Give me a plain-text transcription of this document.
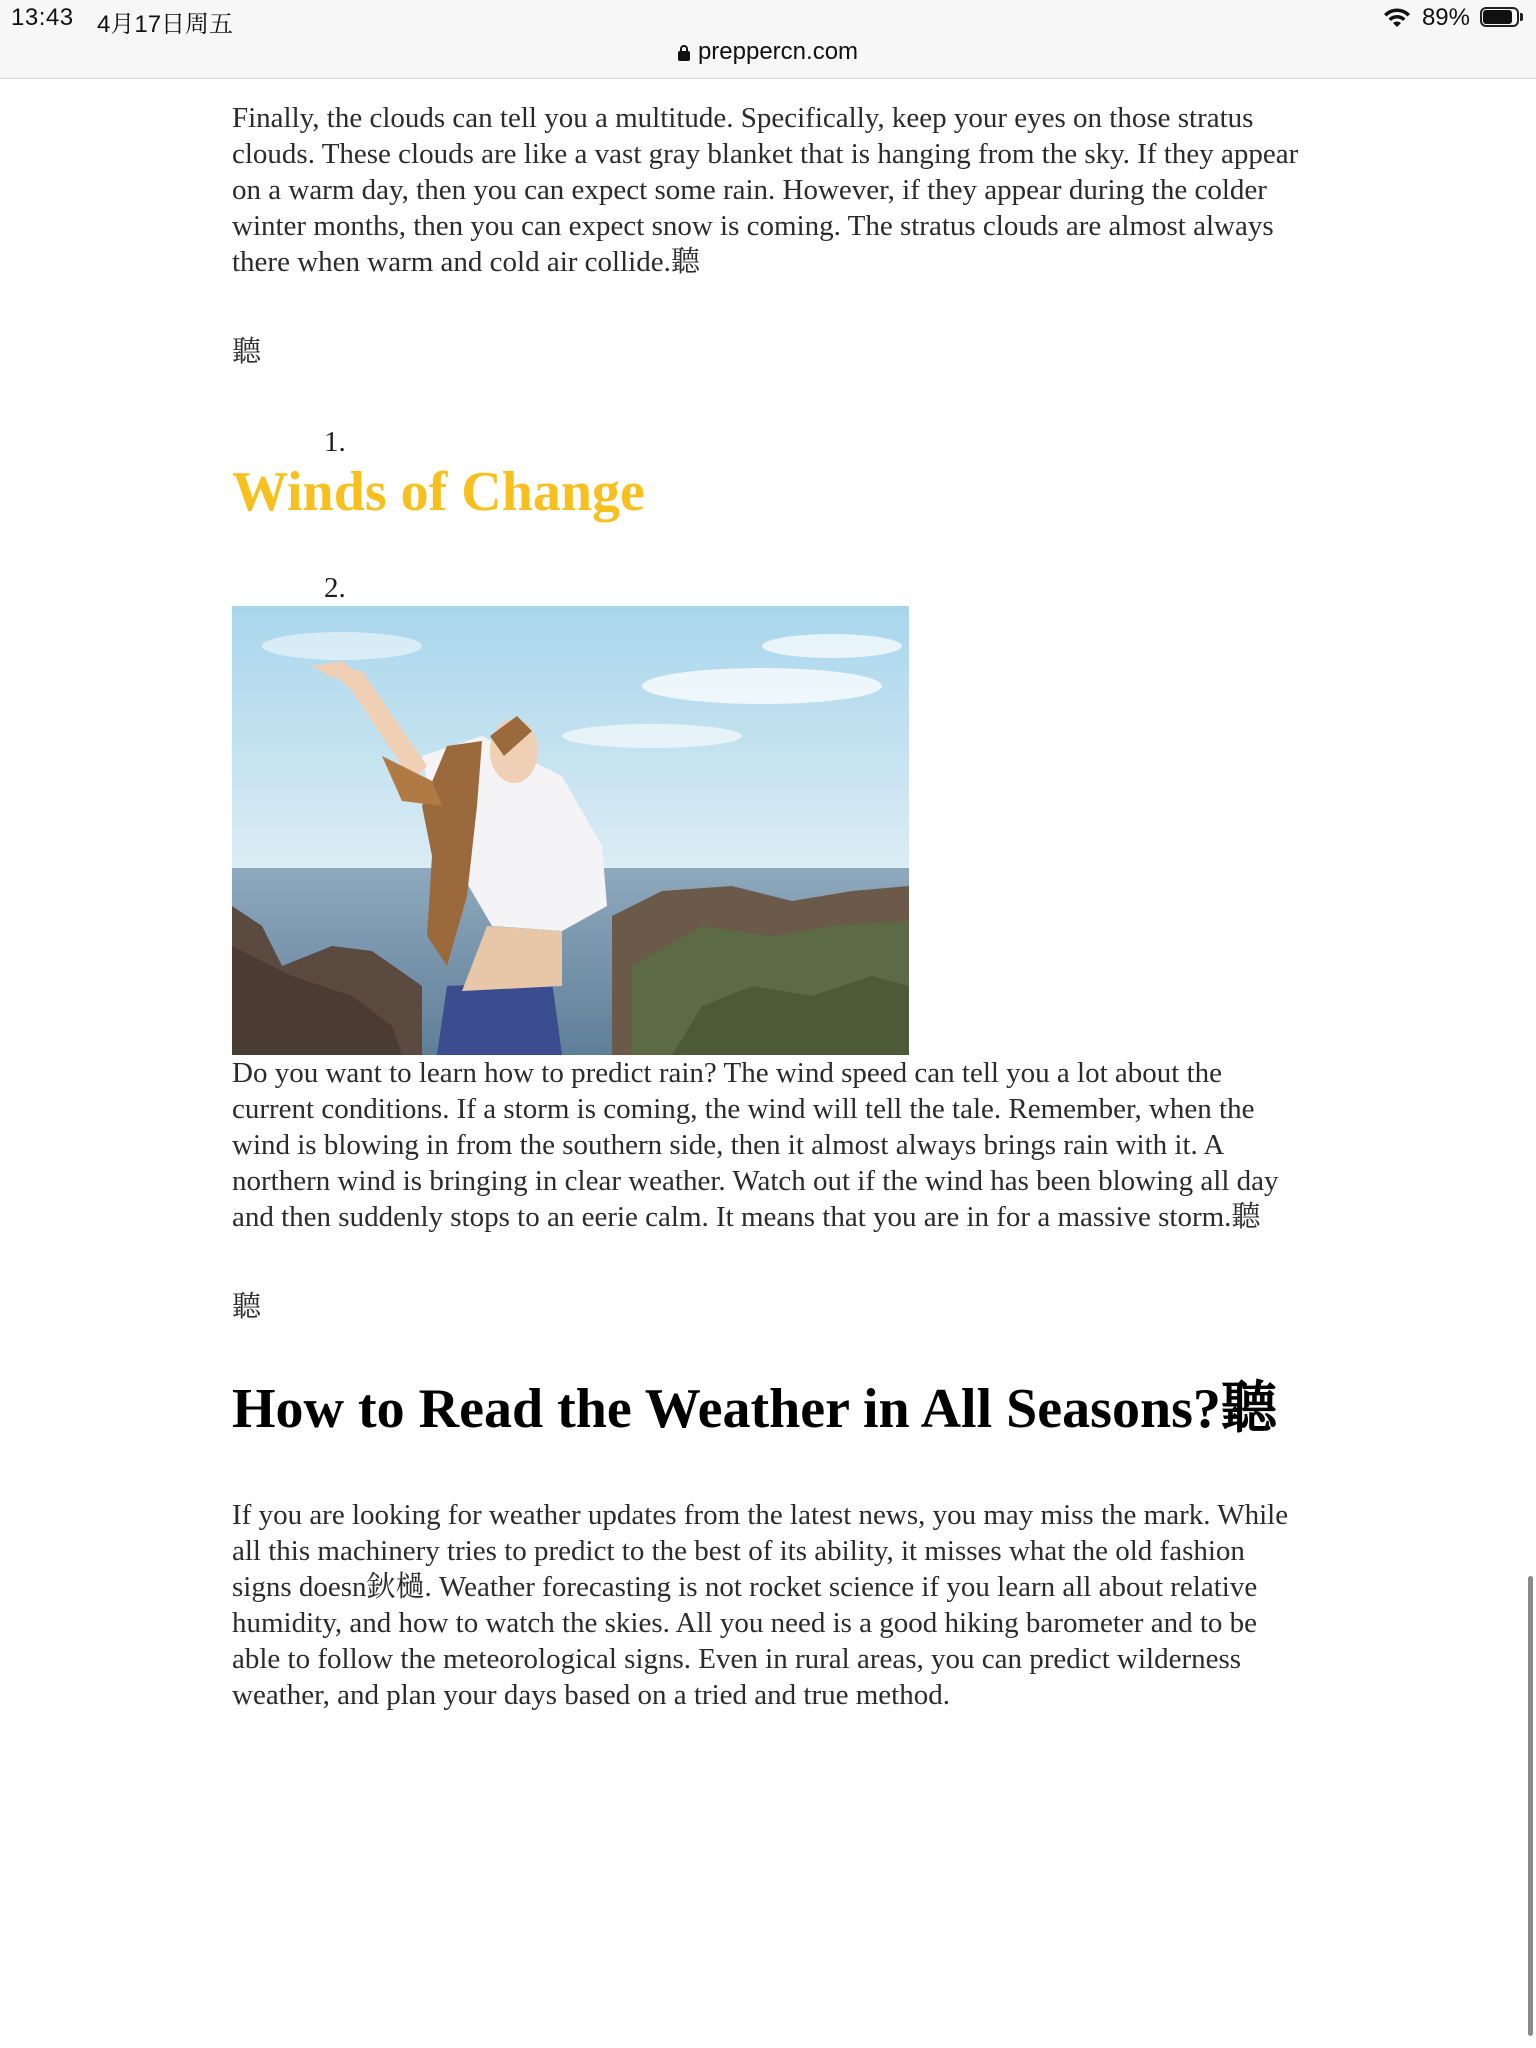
13:43 4月17日周五	89%
preppercn.com

Finally, the clouds can tell you a multitude. Specifically, keep your eyes on those stratus clouds. These clouds are like a vast gray blanket that is hanging from the sky. If they appear on a warm day, then you can expect some rain. However, if they appear during the colder winter months, then you can expect snow is coming. The stratus clouds are almost always there when warm and cold air collide.聽

聽

1.

Winds of Change

2.

Do you want to learn how to predict rain? The wind speed can tell you a lot about the current conditions. If a storm is coming, the wind will tell the tale. Remember, when the wind is blowing in from the southern side, then it almost always brings rain with it. A northern wind is bringing in clear weather. Watch out if the wind has been blowing all day and then suddenly stops to an eerie calm. It means that you are in for a massive storm.聽

聽

How to Read the Weather in All Seasons?聽

If you are looking for weather updates from the latest news, you may miss the mark. While all this machinery tries to predict to the best of its ability, it misses what the old fashion signs doesn鈥檛. Weather forecasting is not rocket science if you learn all about relative humidity, and how to watch the skies. All you need is a good hiking barometer and to be able to follow the meteorological signs. Even in rural areas, you can predict wilderness weather, and plan your days based on a tried and true method.
